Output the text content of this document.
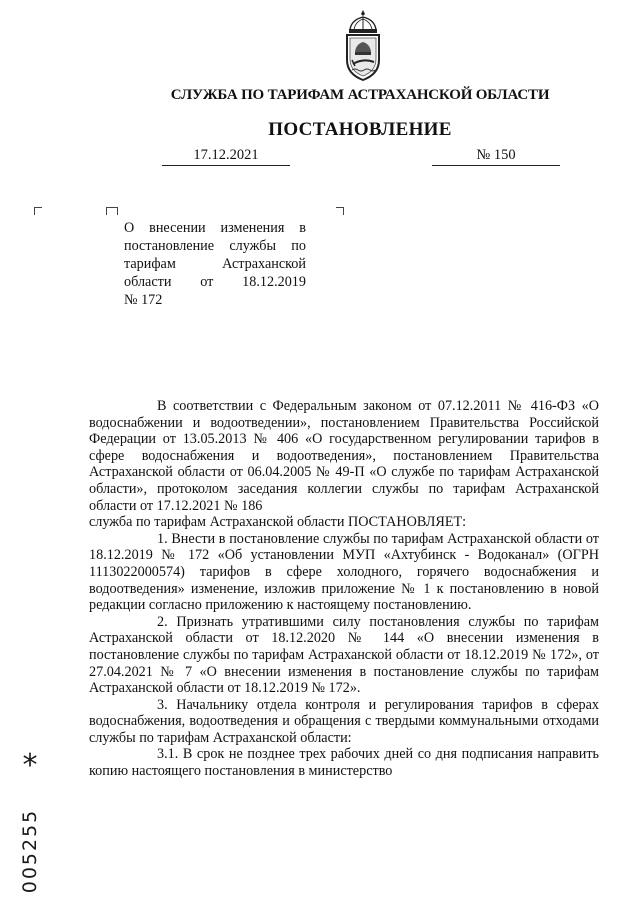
СЛУЖБА ПО ТАРИФАМ АСТРАХАНСКОЙ ОБЛАСТИ
ПОСТАНОВЛЕНИЕ
17.12.2021	№ 150
О внесении изменения в
постановление службы по
тарифам Астраханской
области от 18.12.2019
№ 172

В соответствии с Федеральным законом от 07.12.2011 № 416-ФЗ «О водоснабжении и водоотведении», постановлением Правительства Российской Федерации от 13.05.2013 № 406 «О государственном регулировании тарифов в сфере водоснабжения и водоотведения», постановлением Правительства Астраханской области от 06.04.2005 № 49-П «О службе по тарифам Астраханской области», протоколом заседания коллегии службы по тарифам Астраханской области от 17.12.2021 № 186

служба по тарифам Астраханской области ПОСТАНОВЛЯЕТ:

1. Внести в постановление службы по тарифам Астраханской области от 18.12.2019 № 172 «Об установлении МУП «Ахтубинск - Водоканал» (ОГРН 1113022000574) тарифов в сфере холодного, горячего водоснабжения и водоотведения» изменение, изложив приложение № 1 к постановлению в новой редакции согласно приложению к настоящему постановлению.

2. Признать утратившими силу постановления службы по тарифам Астраханской области от 18.12.2020 № 144 «О внесении изменения в постановление службы по тарифам Астраханской области от 18.12.2019 № 172», от 27.04.2021 № 7 «О внесении изменения в постановление службы по тарифам Астраханской области от 18.12.2019 № 172».

3. Начальнику отдела контроля и регулирования тарифов в сферах водоснабжения, водоотведения и обращения с твердыми коммунальными отходами службы по тарифам Астраханской области:

3.1. В срок не позднее трех рабочих дней со дня подписания направить копию настоящего постановления в министерство

*
005255
